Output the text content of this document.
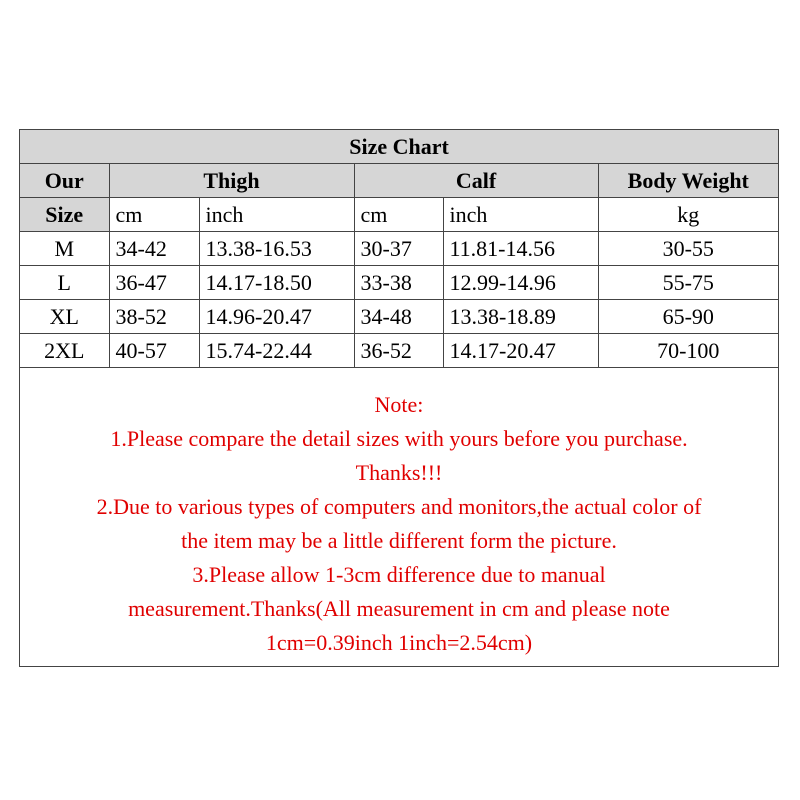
Size Chart					
Our	Thigh		Calf		Body Weight
Size	cm	inch	cm	inch	kg
M	34-42	13.38-16.53	30-37	11.81-14.56	30-55
L	36-47	14.17-18.50	33-38	12.99-14.96	55-75
XL	38-52	14.96-20.47	34-48	13.38-18.89	65-90
2XL	40-57	15.74-22.44	36-52	14.17-20.47	70-100
Note:
1.Please compare the detail sizes with yours before you purchase.
Thanks!!!
2.Due to various types of computers and monitors,the actual color of
the item may be a little different form the picture.
3.Please allow 1-3cm difference due to manual
measurement.Thanks(All measurement in cm and please note
1cm=0.39inch 1inch=2.54cm)
